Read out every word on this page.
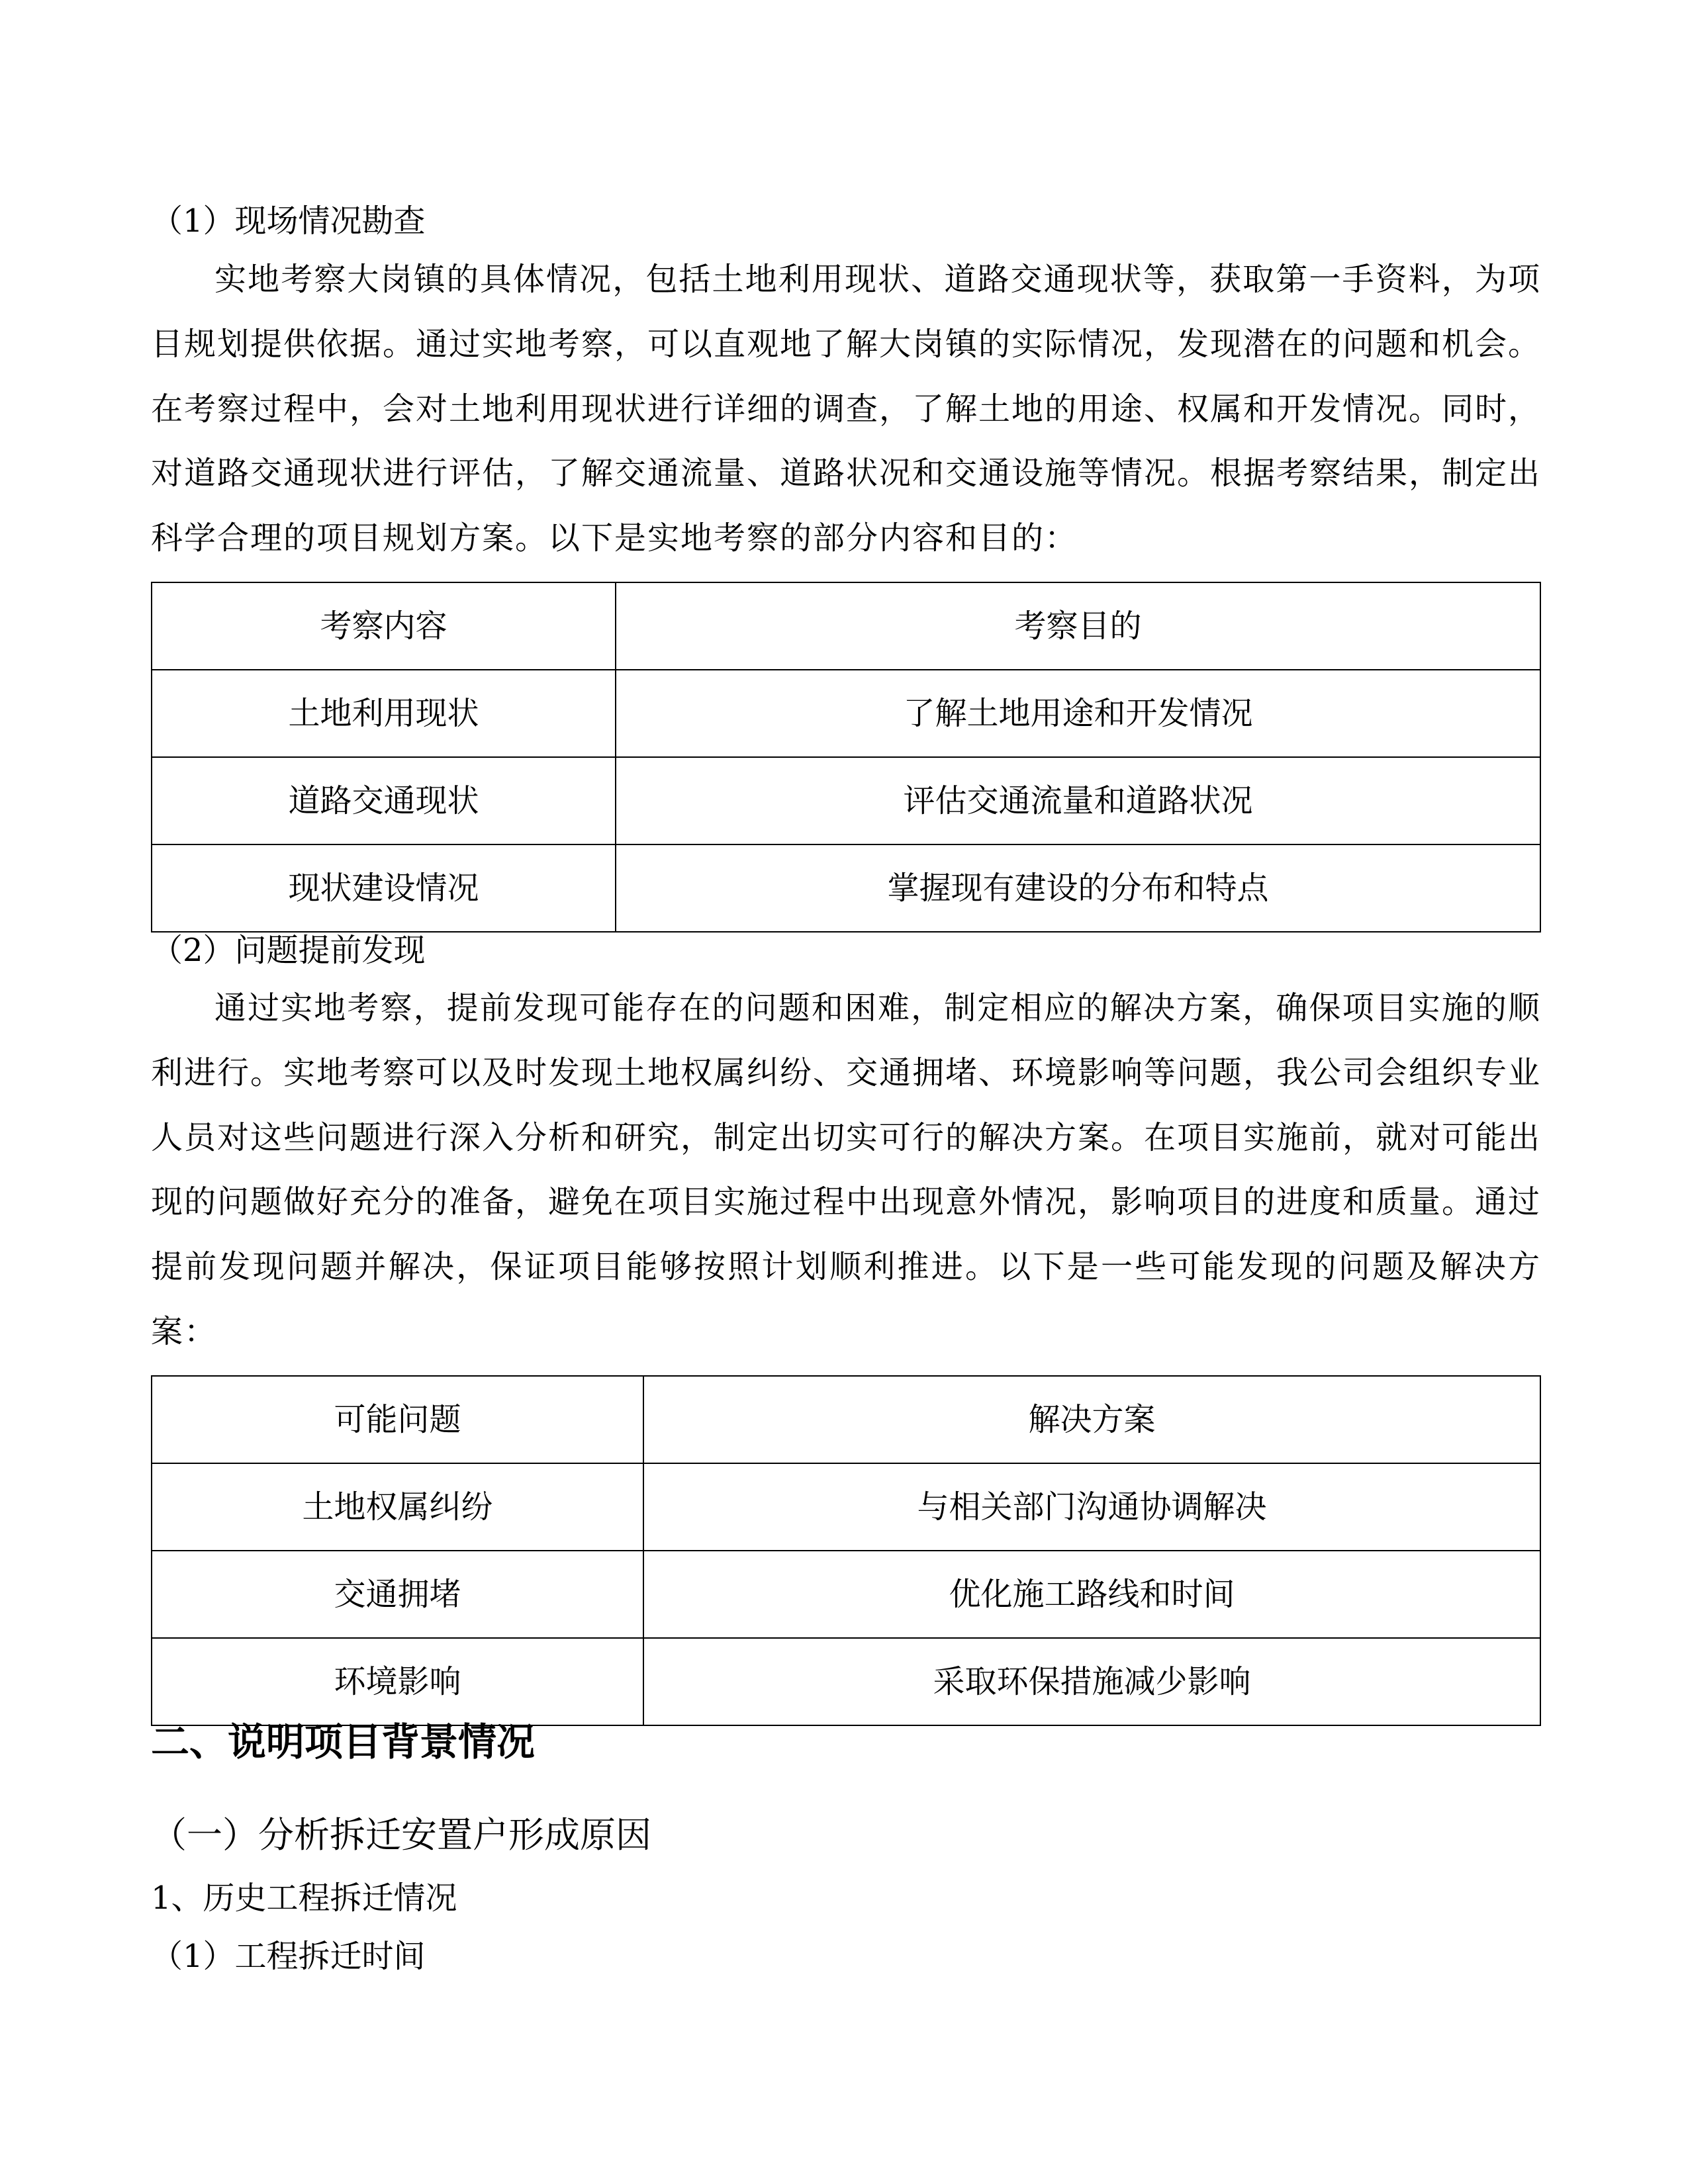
（1）现场情况勘查
实地考察大岗镇的具体情况，包括土地利用现状、道路交通现状等，获取第一手资料，为项目规划提供依据。通过实地考察，可以直观地了解大岗镇的实际情况，发现潜在的问题和机会。在考察过程中，会对土地利用现状进行详细的调查，了解土地的用途、权属和开发情况。同时，对道路交通现状进行评估，了解交通流量、道路状况和交通设施等情况。根据考察结果，制定出科学合理的项目规划方案。以下是实地考察的部分内容和目的：
考察内容	考察目的
土地利用现状	了解土地用途和开发情况
道路交通现状	评估交通流量和道路状况
现状建设情况	掌握现有建设的分布和特点
（2）问题提前发现
通过实地考察，提前发现可能存在的问题和困难，制定相应的解决方案，确保项目实施的顺利进行。实地考察可以及时发现土地权属纠纷、交通拥堵、环境影响等问题，我公司会组织专业人员对这些问题进行深入分析和研究，制定出切实可行的解决方案。在项目实施前，就对可能出现的问题做好充分的准备，避免在项目实施过程中出现意外情况，影响项目的进度和质量。通过提前发现问题并解决，保证项目能够按照计划顺利推进。以下是一些可能发现的问题及解决方案：
可能问题	解决方案
土地权属纠纷	与相关部门沟通协调解决
交通拥堵	优化施工路线和时间
环境影响	采取环保措施减少影响
二、说明项目背景情况
（一）分析拆迁安置户形成原因
1、历史工程拆迁情况
（1）工程拆迁时间
